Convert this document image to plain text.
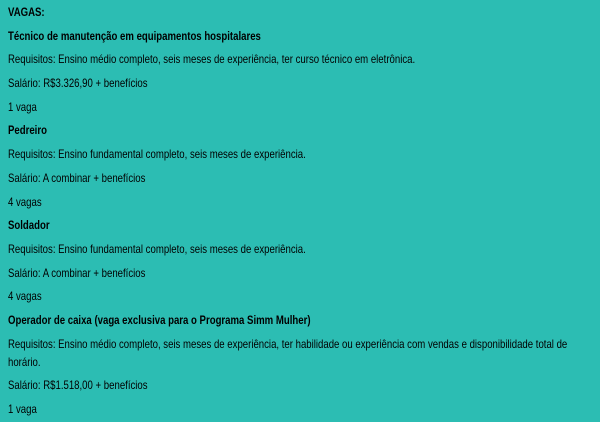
VAGAS:

Técnico de manutenção em equipamentos hospitalares

Requisitos: Ensino médio completo, seis meses de experiência, ter curso técnico em eletrônica.

Salário: R$3.326,90 + benefícios

1 vaga

Pedreiro

Requisitos: Ensino fundamental completo, seis meses de experiência.

Salário: A combinar + benefícios

4 vagas

Soldador

Requisitos: Ensino fundamental completo, seis meses de experiência.

Salário: A combinar + benefícios

4 vagas

Operador de caixa (vaga exclusiva para o Programa Simm Mulher)

Requisitos: Ensino médio completo, seis meses de experiência, ter habilidade ou experiência com vendas e disponibilidade total de horário.

Salário: R$1.518,00 + benefícios

1 vaga
